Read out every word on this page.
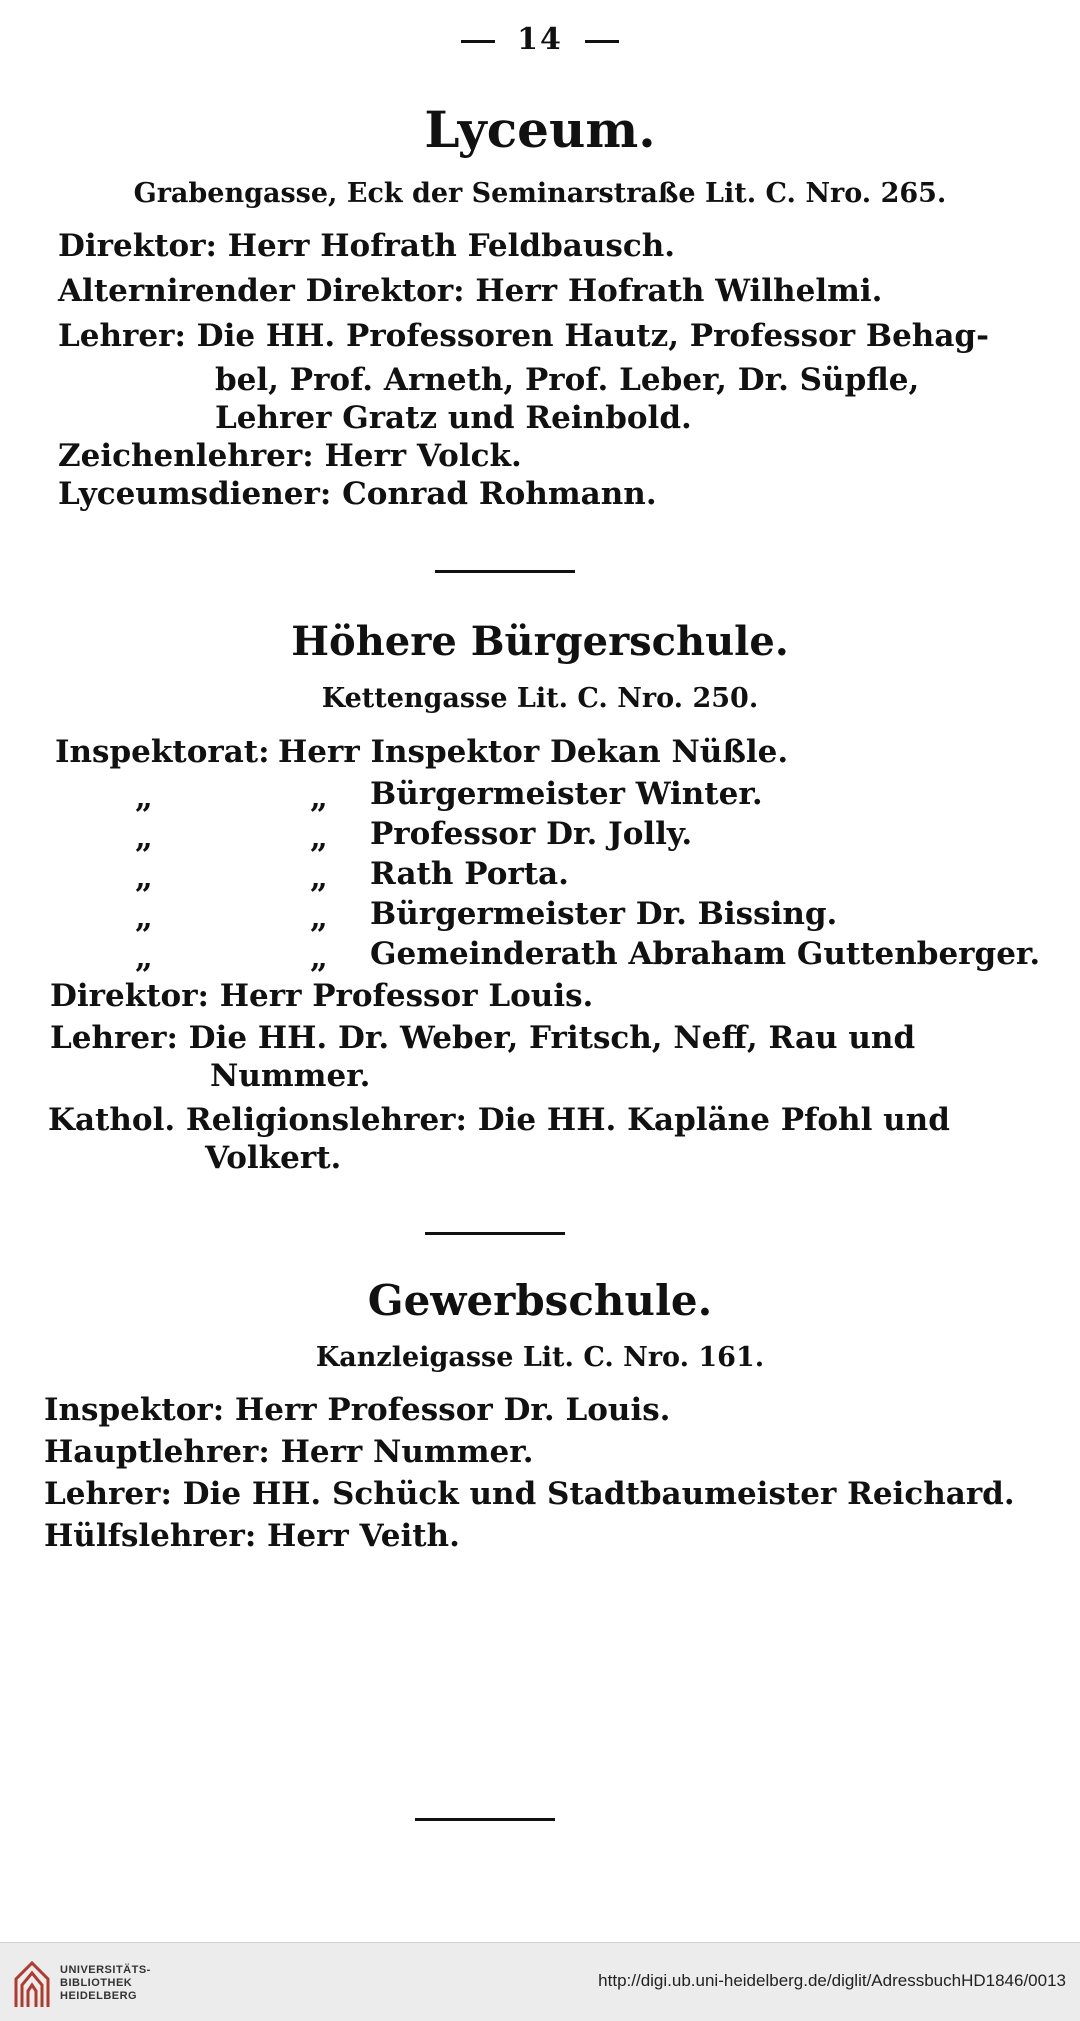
14
Lyceum.
Grabengasse, Eck der Seminarstraße Lit. C. Nro. 265.
Direktor: Herr Hofrath Feldbausch.
Alternirender Direktor: Herr Hofrath Wilhelmi.
Lehrer: Die HH. Professoren Hautz, Professor Behag-
bel, Prof. Arneth, Prof. Leber, Dr. Süpfle,
Lehrer Gratz und Reinbold.
Zeichenlehrer: Herr Volck.
Lyceumsdiener: Conrad Rohmann.
Höhere Bürgerschule.
Kettengasse Lit. C. Nro. 250.
Inspektorat: Herr Inspektor Dekan Nüßle.
„	„ Bürgermeister Winter.
„	„ Professor Dr. Jolly.
„	„ Rath Porta.
„	„ Bürgermeister Dr. Bissing.
„	„ Gemeinderath Abraham Guttenberger.
Direktor: Herr Professor Louis.
Lehrer: Die HH. Dr. Weber, Fritsch, Neff, Rau und
Nummer.
Kathol. Religionslehrer: Die HH. Kapläne Pfohl und
Volkert.
Gewerbschule.
Kanzleigasse Lit. C. Nro. 161.
Inspektor: Herr Professor Dr. Louis.
Hauptlehrer: Herr Nummer.
Lehrer: Die HH. Schück und Stadtbaumeister Reichard.
Hülfslehrer: Herr Veith.
UNIVERSITÄTS-
BIBLIOTHEK
HEIDELBERG
http://digi.ub.uni-heidelberg.de/diglit/AdressbuchHD1846/0013
